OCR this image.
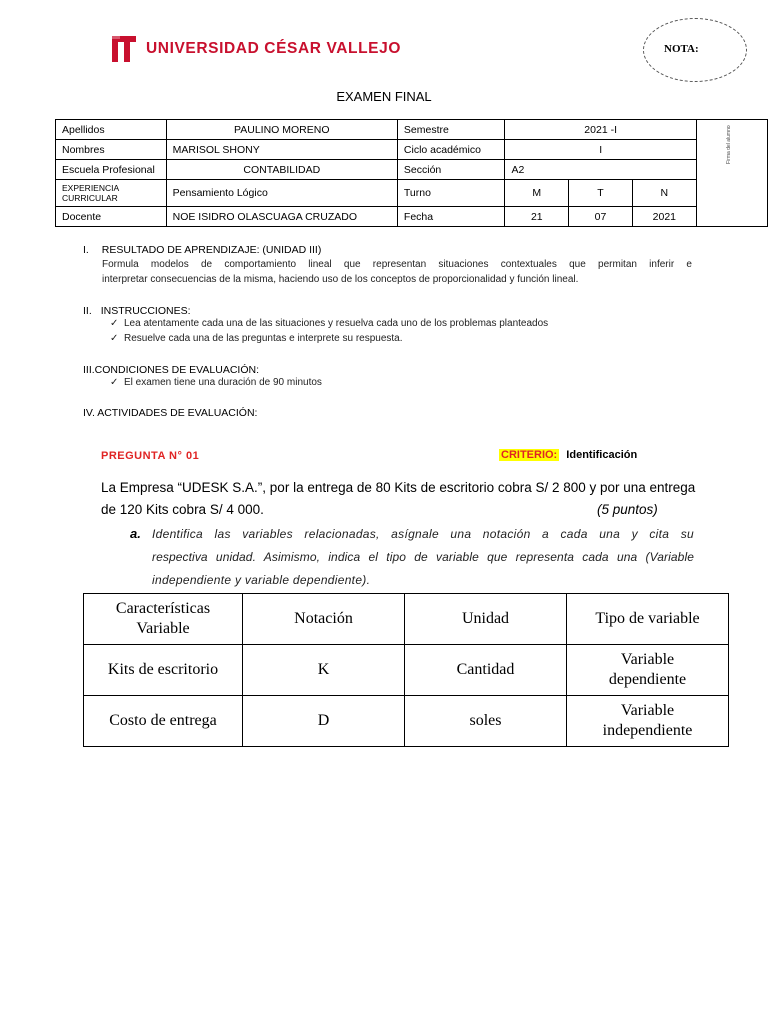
UNIVERSIDAD CÉSAR VALLEJO	NOTA:
EXAMEN FINAL
Apellidos	PAULINO MORENO	Semestre	2021 -I			Firma del alumno

Nombres	MARISOL SHONY	Ciclo académico	I			
Escuela Profesional	CONTABILIDAD	Sección	A2			

EXPERIENCIA
CURRICULAR	Pensamiento Lógico	Turno	M	T	N	
Docente	NOE ISIDRO OLASCUAGA CRUZADO	Fecha	21	07	2021	
I. RESULTADO DE APRENDIZAJE: (UNIDAD III)
Formula modelos de comportamiento lineal que representan situaciones contextuales que permitan inferir e
interpretar consecuencias de la misma, haciendo uso de los conceptos de proporcionalidad y función lineal.
II. INSTRUCCIONES:
✓ Lea atentamente cada una de las situaciones y resuelva cada uno de los problemas planteados
✓ Resuelve cada una de las preguntas e interprete su respuesta.
III.CONDICIONES DE EVALUACIÓN:
✓ El examen tiene una duración de 90 minutos
IV. ACTIVIDADES DE EVALUACIÓN:
PREGUNTA N° 01	CRITERIO: Identificación
La Empresa “UDESK S.A.”, por la entrega de 80 Kits de escritorio cobra S/ 2 800 y por una entrega
de 120 Kits cobra S/ 4 000.	(5 puntos)
a. Identifica las variables relacionadas, asígnale una notación a cada una y cita su
respectiva unidad. Asimismo, indica el tipo de variable que representa cada una (Variable
independiente y variable dependiente).
Características
Variable	Notación	Unidad	Tipo de variable
Kits de escritorio	K	Cantidad	Variable
dependiente

Costo de entrega	D	soles	Variable
independiente
